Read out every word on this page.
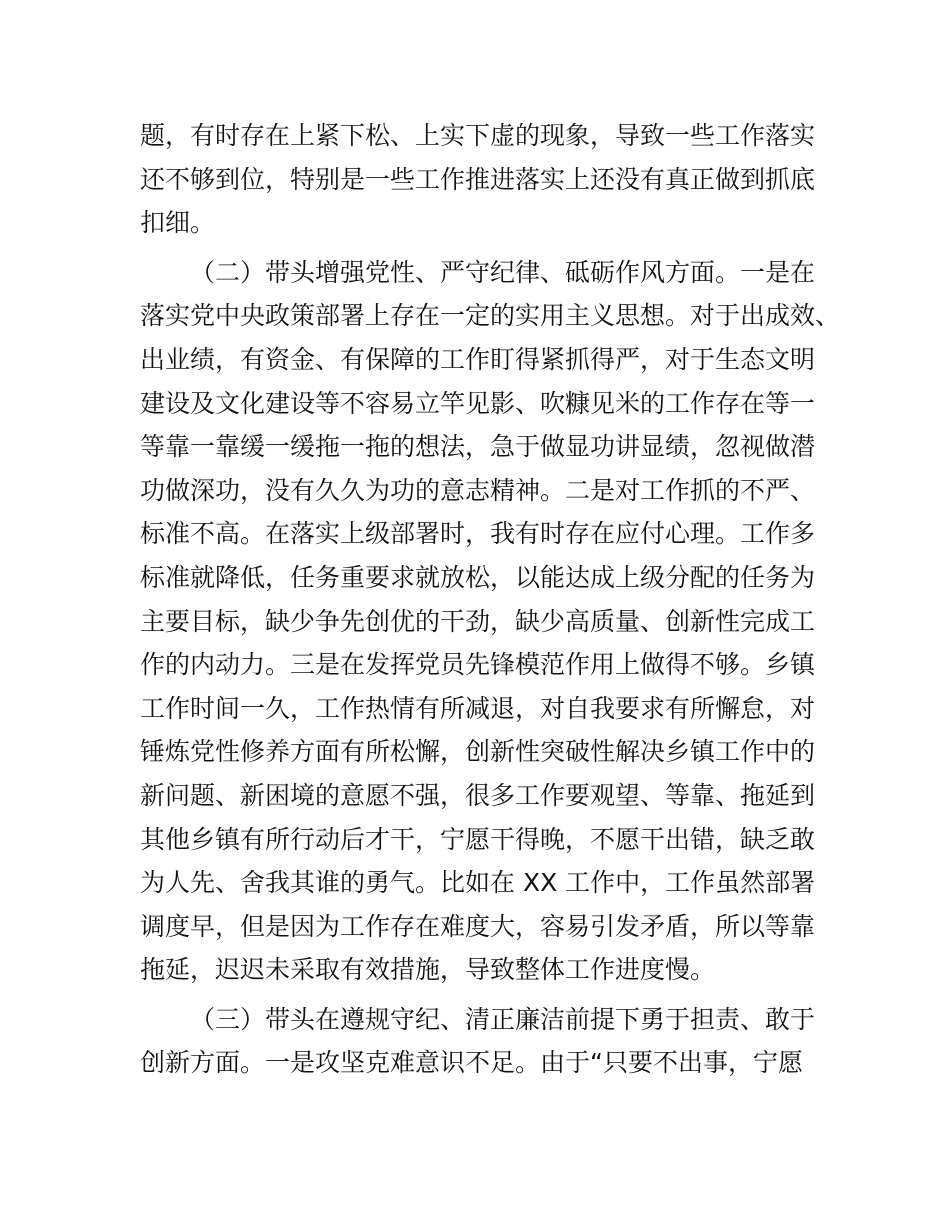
题，有时存在上紧下松、上实下虚的现象，导致一些工作落实
还不够到位，特别是一些工作推进落实上还没有真正做到抓底
扣细。
（二）带头增强党性、严守纪律、砥砺作风方面。一是在
落实党中央政策部署上存在一定的实用主义思想。对于出成效、
出业绩，有资金、有保障的工作盯得紧抓得严，对于生态文明
建设及文化建设等不容易立竿见影、吹糠见米的工作存在等一
等靠一靠缓一缓拖一拖的想法，急于做显功讲显绩，忽视做潜
功做深功，没有久久为功的意志精神。二是对工作抓的不严、
标准不高。在落实上级部署时，我有时存在应付心理。工作多
标准就降低，任务重要求就放松，以能达成上级分配的任务为
主要目标，缺少争先创优的干劲，缺少高质量、创新性完成工
作的内动力。三是在发挥党员先锋模范作用上做得不够。乡镇
工作时间一久，工作热情有所减退，对自我要求有所懈怠，对
锤炼党性修养方面有所松懈，创新性突破性解决乡镇工作中的
新问题、新困境的意愿不强，很多工作要观望、等靠、拖延到
其他乡镇有所行动后才干，宁愿干得晚，不愿干出错，缺乏敢
为人先、舍我其谁的勇气。比如在 XX 工作中，工作虽然部署
调度早，但是因为工作存在难度大，容易引发矛盾，所以等靠
拖延，迟迟未采取有效措施，导致整体工作进度慢。
（三）带头在遵规守纪、清正廉洁前提下勇于担责、敢于
创新方面。一是攻坚克难意识不足。由于“只要不出事，宁愿
